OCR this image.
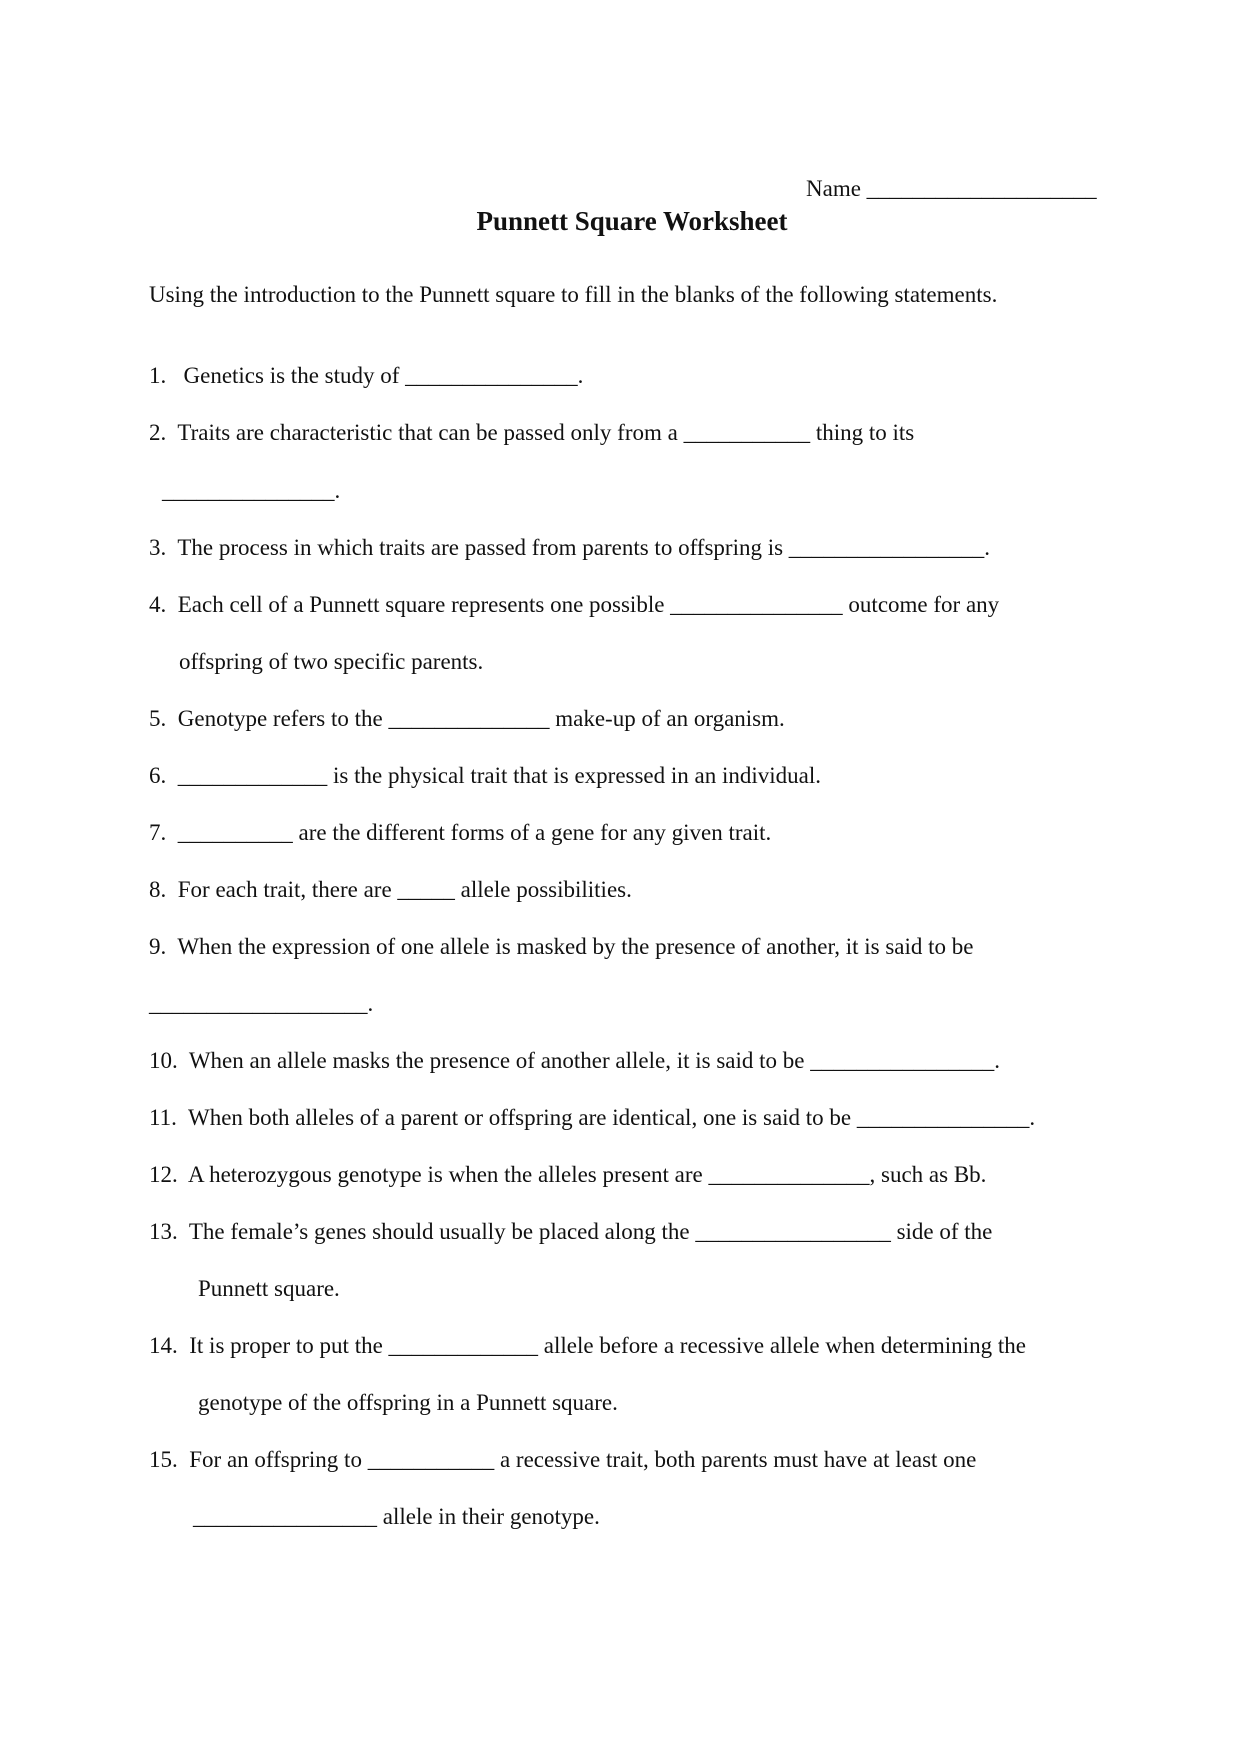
Name ____________________
Punnett Square Worksheet
Using the introduction to the Punnett square to fill in the blanks of the following statements.
1.   Genetics is the study of _______________.
2.  Traits are characteristic that can be passed only from a ___________ thing to its
_______________.
3.  The process in which traits are passed from parents to offspring is _________________.
4.  Each cell of a Punnett square represents one possible _______________ outcome for any
offspring of two specific parents.
5.  Genotype refers to the ______________ make-up of an organism.
6.  _____________ is the physical trait that is expressed in an individual.
7.  __________ are the different forms of a gene for any given trait.
8.  For each trait, there are _____ allele possibilities.
9.  When the expression of one allele is masked by the presence of another, it is said to be
___________________.
10.  When an allele masks the presence of another allele, it is said to be ________________.
11.  When both alleles of a parent or offspring are identical, one is said to be _______________.
12.  A heterozygous genotype is when the alleles present are ______________, such as Bb.
13.  The female’s genes should usually be placed along the _________________ side of the
Punnett square.
14.  It is proper to put the _____________ allele before a recessive allele when determining the
genotype of the offspring in a Punnett square.
15.  For an offspring to ___________ a recessive trait, both parents must have at least one
________________ allele in their genotype.
